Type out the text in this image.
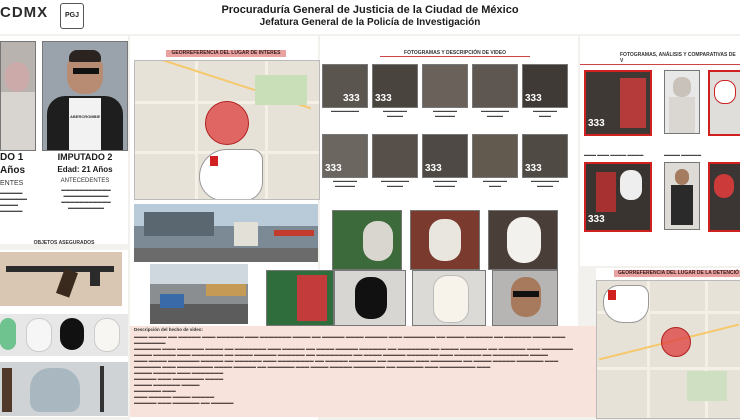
CDMX	PGJ	Procuraduría General de Justicia de la Ciudad de México
Jefatura General de la Policía de Investigación
ABERCROMBIE
DO 1
Años
ENTES
▬▬▬▬▬
▬▬▬▬▬▬
▬▬▬▬
▬▬▬▬▬
IMPUTADO 2
Edad: 21 Años
ANTECEDENTES
▬▬▬▬▬▬▬▬▬▬▬
▬▬▬▬▬▬▬▬▬▬
▬▬▬▬▬▬▬▬▬▬▬
▬▬▬▬▬▬▬▬
OBJETOS ASEGURADOS
GEORREFERENCIA DEL LUGAR DE INTERES	FOTOGRAMAS Y DESCRIPCIÓN DE VIDEO
333 333	333
▬▬▬▬▬▬▬	▬▬▬▬▬▬
▬▬▬▬
▬▬▬▬▬▬
▬▬▬▬▬
▬▬▬▬▬▬▬
▬▬▬▬
▬▬▬▬▬▬
▬▬▬
333	333	333
▬▬▬▬▬▬
▬▬▬▬▬
▬▬▬▬▬▬▬
▬▬▬▬
▬▬▬▬▬▬
▬▬▬▬▬
▬▬▬▬▬▬
▬▬▬
▬▬▬▬▬▬▬
▬▬▬▬
Descripción del hecho de video:
▬▬▬ ▬▬▬▬ ▬▬ ▬▬▬▬▬ ▬▬▬ ▬▬▬▬▬▬ ▬▬▬ ▬▬▬▬▬▬▬ ▬▬▬▬ ▬▬ ▬▬▬▬▬ ▬▬▬▬ ▬▬▬▬▬ ▬▬▬ ▬▬▬▬▬▬▬ ▬▬ ▬▬▬▬ ▬▬▬▬▬▬ ▬▬ ▬▬▬▬▬▬ ▬▬▬▬ ▬▬▬ ▬▬▬▬▬▬▬
▬▬▬▬▬▬ ▬▬▬ ▬▬▬▬▬▬ ▬▬▬▬ ▬▬ ▬▬▬▬▬▬▬ ▬▬▬ ▬▬▬▬▬ ▬▬ ▬▬▬▬ ▬▬▬▬▬ ▬▬▬▬▬▬ ▬▬ ▬▬▬▬▬▬▬ ▬▬ ▬▬▬▬ ▬▬▬▬▬▬ ▬▬ ▬▬▬▬▬▬ ▬▬▬ ▬▬▬▬▬▬▬
▬▬▬▬ ▬▬▬▬▬ ▬▬▬ ▬▬▬▬▬▬▬ ▬▬ ▬▬▬▬ ▬▬▬▬▬ ▬▬▬▬▬▬ ▬▬ ▬▬▬▬▬▬▬▬ ▬▬ ▬▬▬▬ ▬▬▬▬▬ ▬▬▬▬▬▬▬ ▬▬▬ ▬▬▬▬▬▬ ▬▬ ▬▬▬▬▬▬▬▬ ▬▬▬▬
▬▬▬ ▬▬▬▬ ▬▬▬▬▬▬▬ ▬▬▬▬▬ ▬▬ ▬▬▬▬▬▬ ▬▬▬ ▬▬▬▬▬▬▬▬ ▬▬ ▬▬▬▬▬ ▬▬▬▬▬▬ ▬▬ ▬▬▬▬▬▬ ▬▬▬ ▬▬▬▬▬▬▬ ▬▬ ▬▬▬▬ ▬▬▬▬▬ ▬▬▬▬▬▬ ▬▬▬
▬▬▬▬▬▬ ▬▬▬ ▬▬▬▬▬▬▬▬ ▬▬▬▬ ▬▬▬▬▬ ▬▬ ▬▬▬▬▬▬ ▬▬▬ ▬▬▬▬ ▬▬▬▬▬ ▬▬▬▬▬▬▬ ▬▬ ▬▬▬▬▬▬ ▬▬▬ ▬▬▬▬▬▬▬▬ ▬▬▬
▬▬▬▬ ▬▬▬▬▬ ▬▬▬ ▬▬▬▬▬▬▬
▬▬▬▬▬ ▬▬▬ ▬▬▬▬▬▬▬ ▬▬▬▬
▬▬▬▬ ▬▬▬▬▬▬ ▬▬▬▬
▬▬▬▬▬▬ ▬▬▬
▬▬▬ ▬▬▬▬▬ ▬▬▬▬ ▬▬▬▬▬
▬▬▬▬▬ ▬▬▬ ▬▬▬▬▬▬ ▬▬ ▬▬▬▬▬
FOTOGRAMAS, ANÁLISIS Y COMPARATIVAS DE V
333
▬▬▬ ▬▬▬ ▬▬▬▬ ▬▬▬▬	▬▬▬▬ ▬▬▬▬▬
333
GEORREFERENCIA DEL LUGAR DE LA DETENCIÓ
